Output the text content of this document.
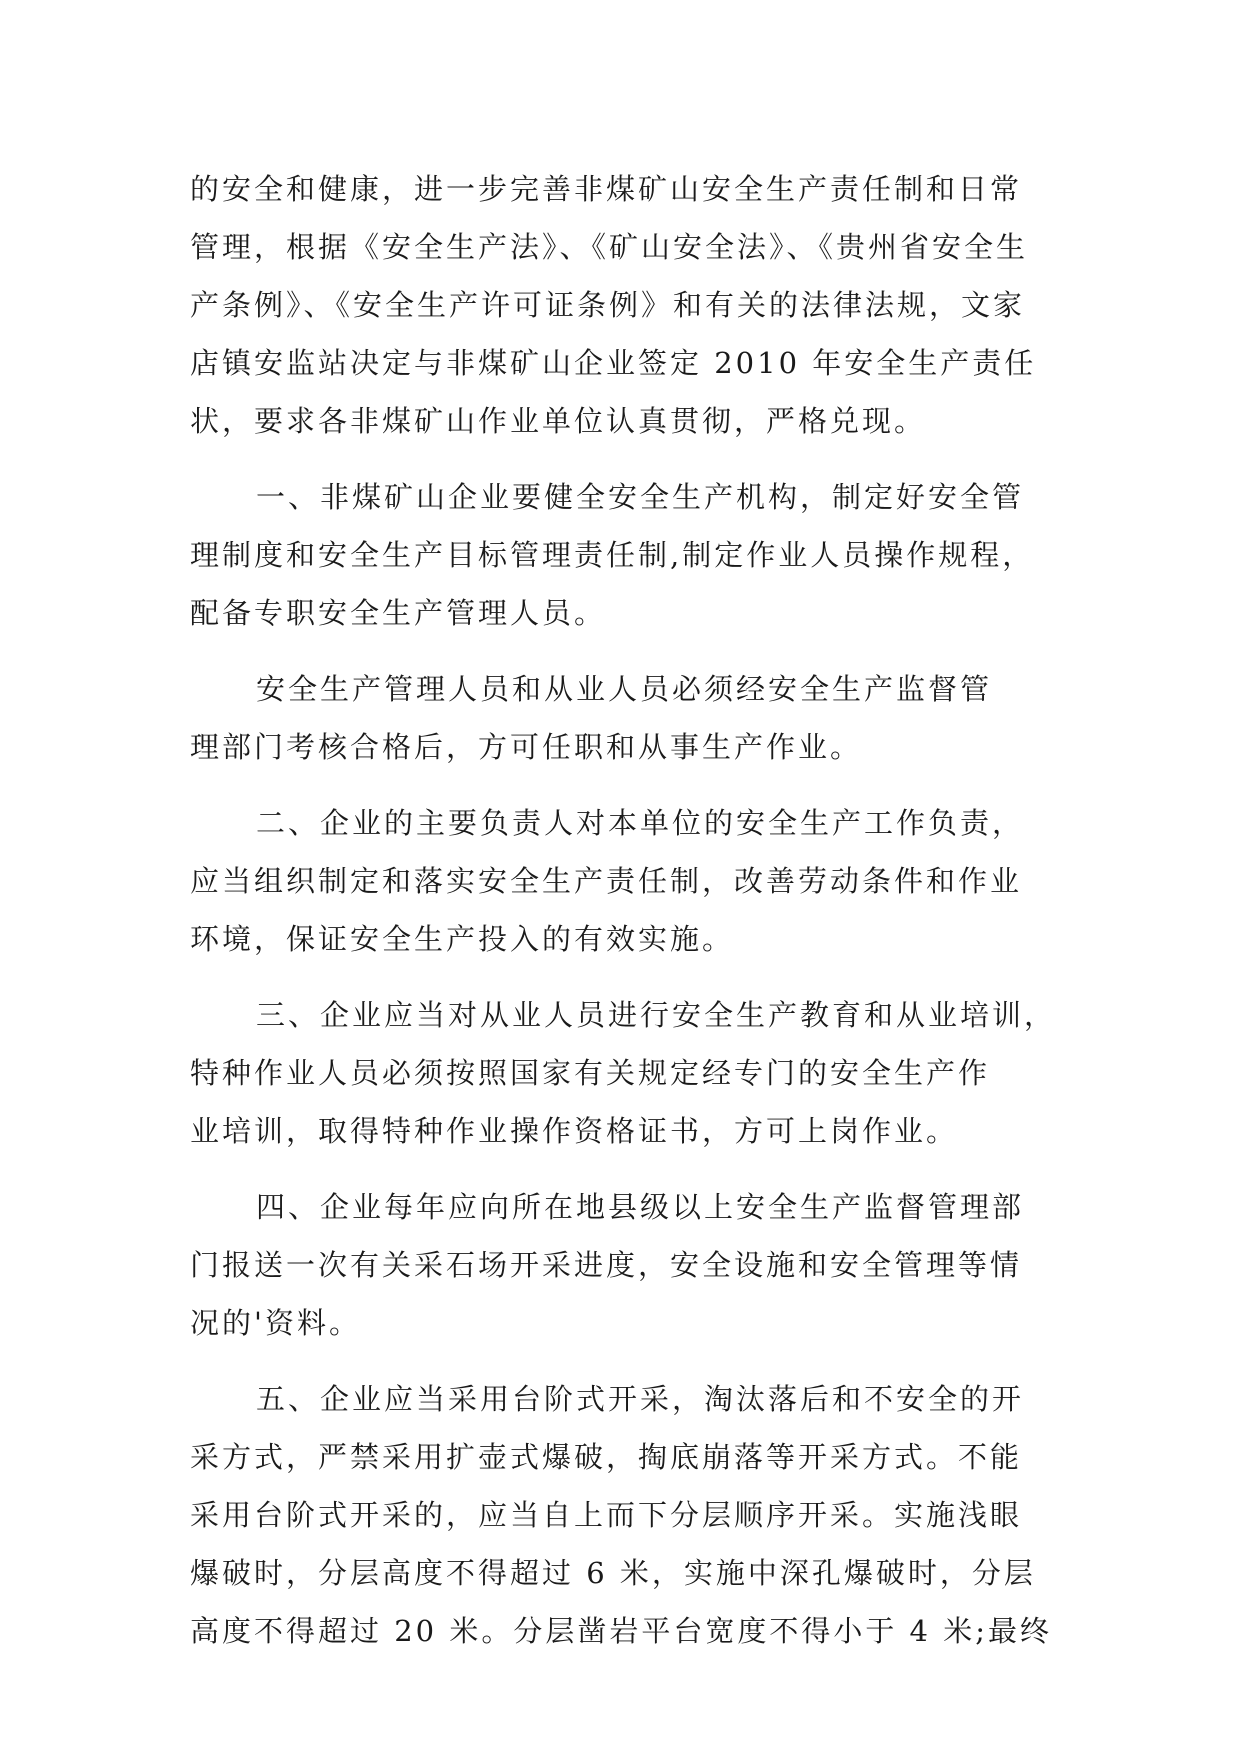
的安全和健康，进一步完善非煤矿山安全生产责任制和日常
管理，根据《安全生产法》、《矿山安全法》、《贵州省安全生
产条例》、《安全生产许可证条例》和有关的法律法规，文家
店镇安监站决定与非煤矿山企业签定 2010 年安全生产责任
状，要求各非煤矿山作业单位认真贯彻，严格兑现。
一、非煤矿山企业要健全安全生产机构，制定好安全管
理制度和安全生产目标管理责任制,制定作业人员操作规程，
配备专职安全生产管理人员。
安全生产管理人员和从业人员必须经安全生产监督管
理部门考核合格后，方可任职和从事生产作业。
二、企业的主要负责人对本单位的安全生产工作负责，
应当组织制定和落实安全生产责任制，改善劳动条件和作业
环境，保证安全生产投入的有效实施。
三、企业应当对从业人员进行安全生产教育和从业培训，
特种作业人员必须按照国家有关规定经专门的安全生产作
业培训，取得特种作业操作资格证书，方可上岗作业。
四、企业每年应向所在地县级以上安全生产监督管理部
门报送一次有关采石场开采进度，安全设施和安全管理等情
况的'资料。
五、企业应当采用台阶式开采，淘汰落后和不安全的开
采方式，严禁采用扩壶式爆破，掏底崩落等开采方式。不能
采用台阶式开采的，应当自上而下分层顺序开采。实施浅眼
爆破时，分层高度不得超过 6 米，实施中深孔爆破时，分层
高度不得超过 20 米。分层凿岩平台宽度不得小于 4 米;最终
